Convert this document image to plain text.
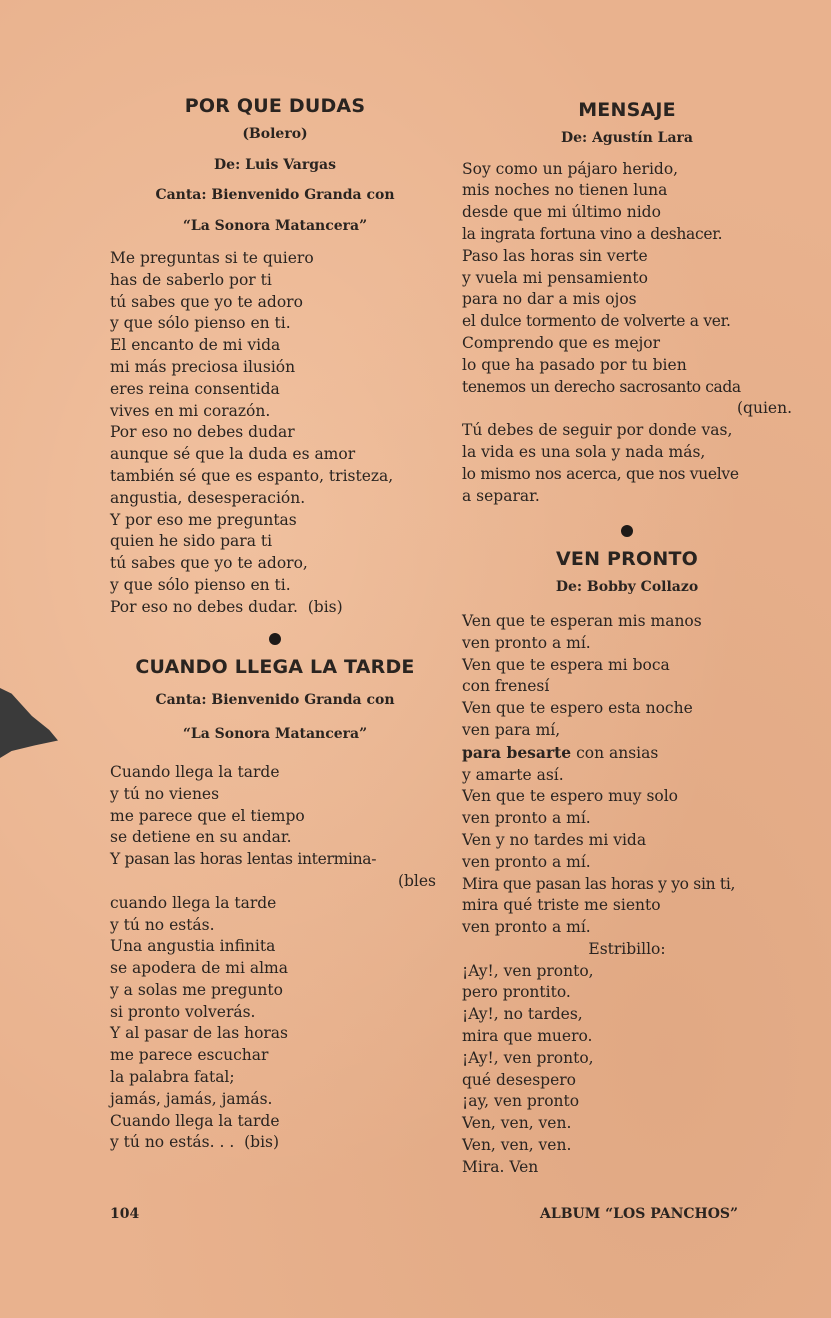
POR QUE DUDAS
(Bolero)
De: Luis Vargas
Canta: Bienvenido Granda con
“La Sonora Matancera”
Me preguntas si te quiero
has de saberlo por ti
tú sabes que yo te adoro
y que sólo pienso en ti.
El encanto de mi vida
mi más preciosa ilusión
eres reina consentida
vives en mi corazón.
Por eso no debes dudar
aunque sé que la duda es amor
también sé que es espanto, tristeza,
angustia, desesperación.
Y por eso me preguntas
quien he sido para ti
tú sabes que yo te adoro,
y que sólo pienso en ti.
Por eso no debes dudar.  (bis)
CUANDO LLEGA LA TARDE
Canta: Bienvenido Granda con
“La Sonora Matancera”
Cuando llega la tarde
y tú no vienes
me parece que el tiempo
se detiene en su andar.
Y pasan las horas lentas intermina-
(bles
cuando llega la tarde
y tú no estás.
Una angustia infinita
se apodera de mi alma
y a solas me pregunto
si pronto volverás.
Y al pasar de las horas
me parece escuchar
la palabra fatal;
jamás, jamás, jamás.
Cuando llega la tarde
y tú no estás. . .  (bis)
MENSAJE
De: Agustín Lara
Soy como un pájaro herido,
mis noches no tienen luna
desde que mi último nido
la ingrata fortuna vino a deshacer.
Paso las horas sin verte
y vuela mi pensamiento
para no dar a mis ojos
el dulce tormento de volverte a ver.
Comprendo que es mejor
lo que ha pasado por tu bien
tenemos un derecho sacrosanto cada
(quien.
Tú debes de seguir por donde vas,
la vida es una sola y nada más,
lo mismo nos acerca, que nos vuelve
a separar.
VEN PRONTO
De: Bobby Collazo
Ven que te esperan mis manos
ven pronto a mí.
Ven que te espera mi boca
con frenesí
Ven que te espero esta noche
ven para mí,
para besarte con ansias
y amarte así.
Ven que te espero muy solo
ven pronto a mí.
Ven y no tardes mi vida
ven pronto a mí.
Mira que pasan las horas y yo sin ti,
mira qué triste me siento
ven pronto a mí.
Estribillo:
¡Ay!, ven pronto,
pero prontito.
¡Ay!, no tardes,
mira que muero.
¡Ay!, ven pronto,
qué desespero
¡ay, ven pronto
Ven, ven, ven.
Ven, ven, ven.
Mira. Ven
104	ALBUM “LOS PANCHOS”
